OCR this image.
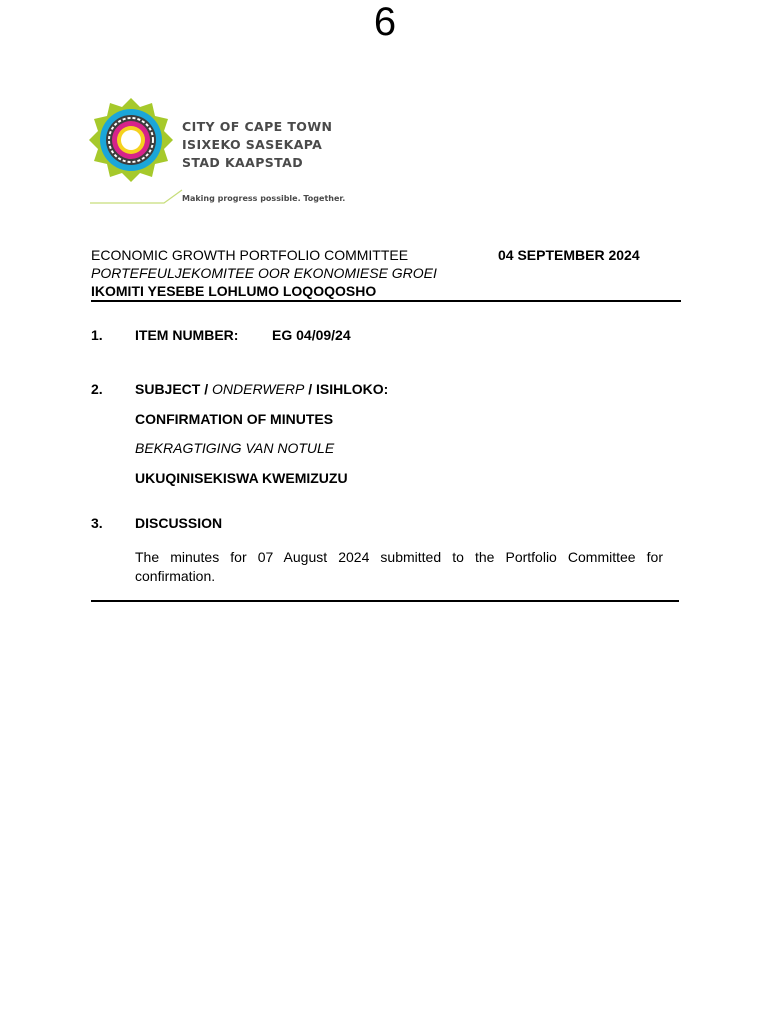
6
CITY OF CAPE TOWN
ISIXEKO SASEKAPA
STAD KAAPSTAD
Making progress possible. Together.
ECONOMIC GROWTH PORTFOLIO COMMITTEE
PORTEFEULJEKOMITEE OOR EKONOMIESE GROEI
IKOMITI YESEBE LOHLUMO LOQOQOSHO
04 SEPTEMBER 2024
1. ITEM NUMBER: EG 04/09/24
2. SUBJECT / ONDERWERP / ISIHLOKO:
CONFIRMATION OF MINUTES
BEKRAGTIGING VAN NOTULE
UKUQINISEKISWA KWEMIZUZU
3. DISCUSSION
The minutes for 07 August 2024 submitted to the Portfolio Committee for confirmation.
